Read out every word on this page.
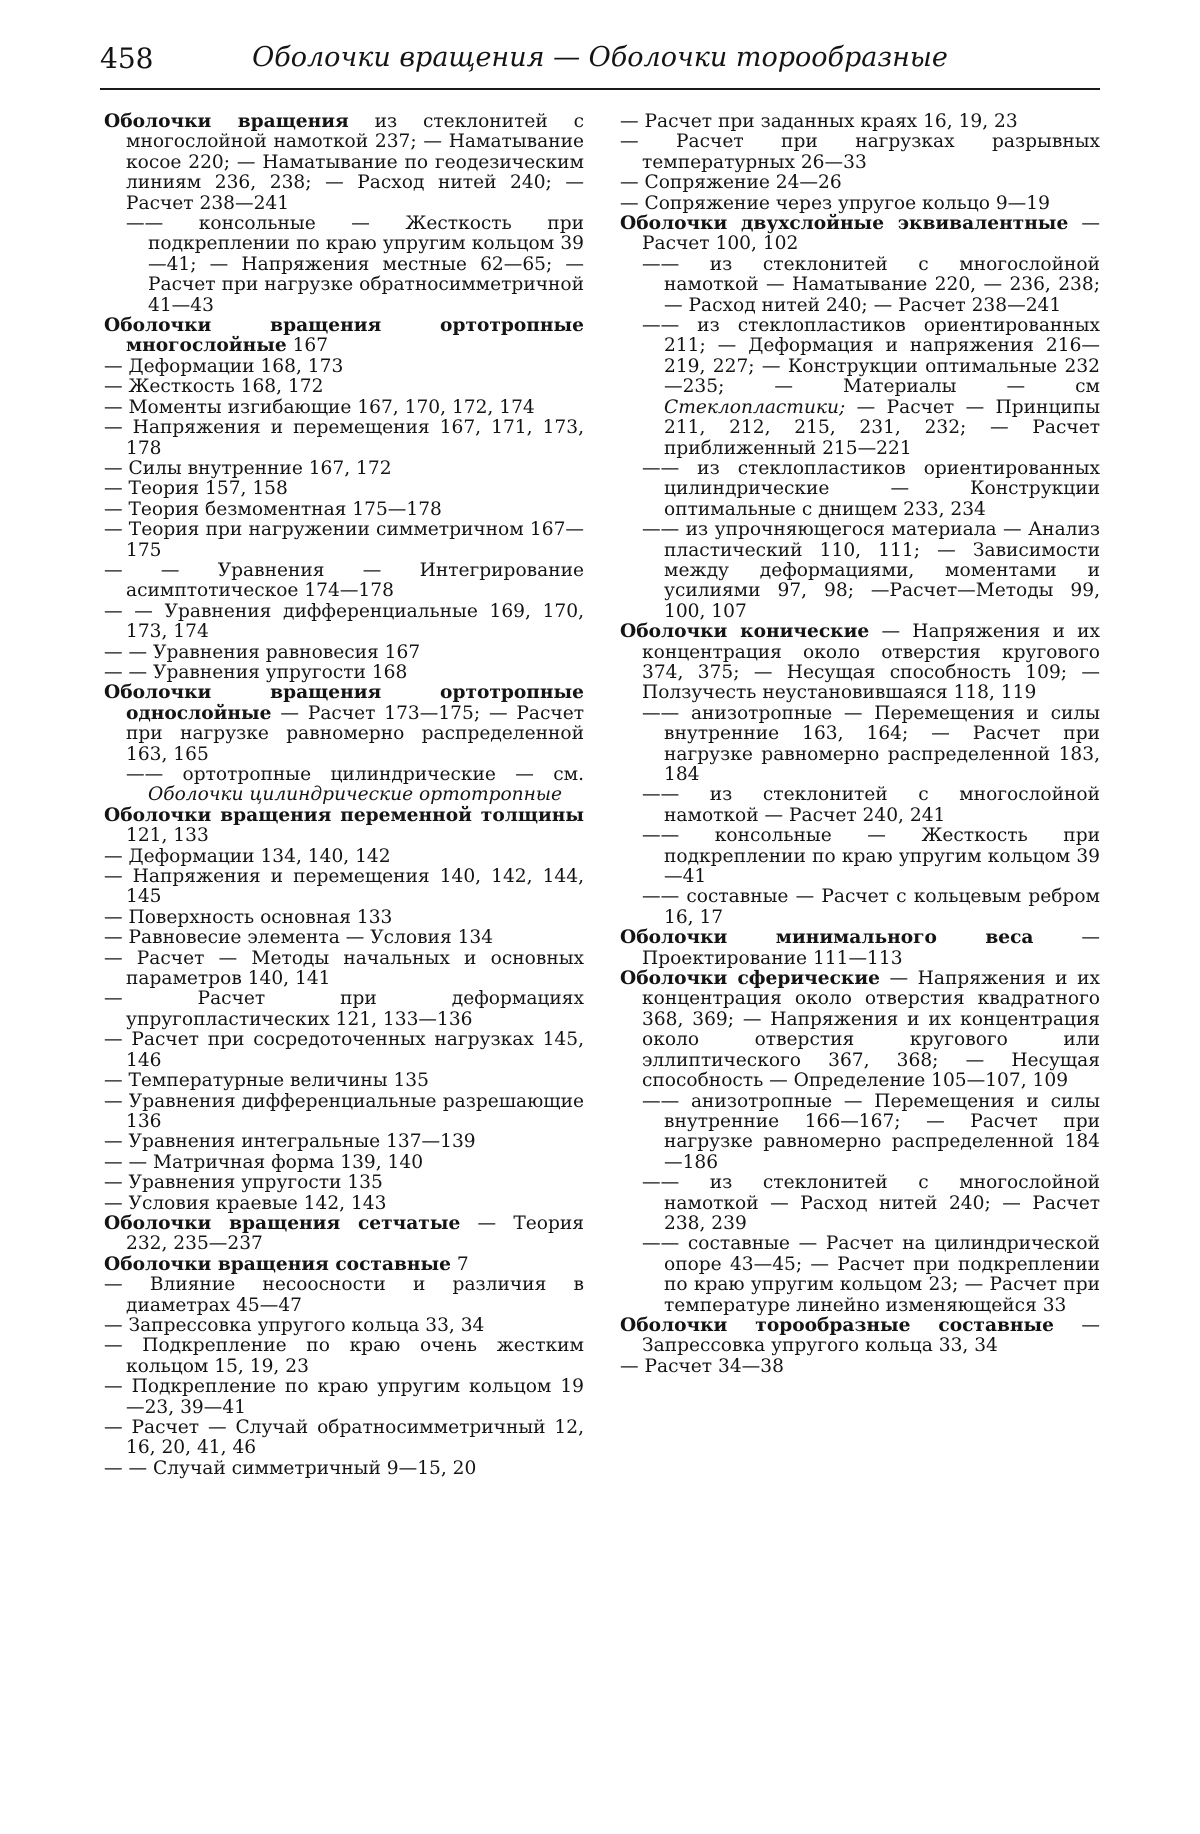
458	Оболочки вращения — Оболочки торообразные

Оболочки вращения из стеклонитей с многослойной намоткой 237; — Наматывание косое 220; — Наматывание по геодезическим линиям 236, 238; — Расход нитей 240; — Расчет 238—241

—— консольные — Жесткость при подкреплении по краю упругим кольцом 39—41; — Напряжения местные 62—65; — Расчет при нагрузке обратносимметричной 41—43

Оболочки вращения ортотропные многослойные 167

— Деформации 168, 173

— Жесткость 168, 172

— Моменты изгибающие 167, 170, 172, 174

— Напряжения и перемещения 167, 171, 173, 178

— Силы внутренние 167, 172

— Теория 157, 158

— Теория безмоментная 175—178

— Теория при нагружении симметричном 167—175

— — Уравнения — Интегрирование асимптотическое 174—178

— — Уравнения дифференциальные 169, 170, 173, 174

— — Уравнения равновесия 167

— — Уравнения упругости 168

Оболочки вращения ортотропные однослойные — Расчет 173—175; — Расчет при нагрузке равномерно распределенной 163, 165

—— ортотропные цилиндрические — см. Оболочки цилиндрические ортотропные

Оболочки вращения переменной толщины 121, 133

— Деформации 134, 140, 142

— Напряжения и перемещения 140, 142, 144, 145

— Поверхность основная 133

— Равновесие элемента — Условия 134

— Расчет — Методы начальных и основных параметров 140, 141

— Расчет при деформациях упругопластических 121, 133—136

— Расчет при сосредоточенных нагрузках 145, 146

— Температурные величины 135

— Уравнения дифференциальные разрешающие 136

— Уравнения интегральные 137—139

— — Матричная форма 139, 140

— Уравнения упругости 135

— Условия краевые 142, 143

Оболочки вращения сетчатые — Теория 232, 235—237

Оболочки вращения составные 7

— Влияние несоосности и различия в диаметрах 45—47

— Запрессовка упругого кольца 33, 34

— Подкрепление по краю очень жестким кольцом 15, 19, 23

— Подкрепление по краю упругим кольцом 19—23, 39—41

— Расчет — Случай обратносимметричный 12, 16, 20, 41, 46

— — Случай симметричный 9—15, 20

— Расчет при заданных краях 16, 19, 23

— Расчет при нагрузках разрывных температурных 26—33

— Сопряжение 24—26

— Сопряжение через упругое кольцо 9—19

Оболочки двухслойные эквивалентные — Расчет 100, 102

—— из стеклонитей с многослойной намоткой — Наматывание 220, — 236, 238; — Расход нитей 240; — Расчет 238—241

—— из стеклопластиков ориентированных 211; — Деформация и напряжения 216—219, 227; — Конструкции оптимальные 232—235; — Материалы — см Стеклопластики; — Расчет — Принципы 211, 212, 215, 231, 232; — Расчет приближенный 215—221

—— из стеклопластиков ориентированных цилиндрические — Конструкции оптимальные с днищем 233, 234

—— из упрочняющегося материала — Анализ пластический 110, 111; — Зависимости между деформациями, моментами и усилиями 97, 98; —Расчет—Методы 99, 100, 107

Оболочки конические — Напряжения и их концентрация около отверстия кругового 374, 375; — Несущая способность 109; — Ползучесть неустановившаяся 118, 119

—— анизотропные — Перемещения и силы внутренние 163, 164; — Расчет при нагрузке равномерно распределенной 183, 184

—— из стеклонитей с многослойной намоткой — Расчет 240, 241

—— консольные — Жесткость при подкреплении по краю упругим кольцом 39—41

—— составные — Расчет с кольцевым ребром 16, 17

Оболочки минимального веса — Проектирование 111—113

Оболочки сферические — Напряжения и их концентрация около отверстия квадратного 368, 369; — Напряжения и их концентрация около отверстия кругового или эллиптического 367, 368; — Несущая способность — Определение 105—107, 109

—— анизотропные — Перемещения и силы внутренние 166—167; — Расчет при нагрузке равномерно распределенной 184—186

—— из стеклонитей с многослойной намоткой — Расход нитей 240; — Расчет 238, 239

—— составные — Расчет на цилиндрической опоре 43—45; — Расчет при подкреплении по краю упругим кольцом 23; — Расчет при температуре линейно изменяющейся 33

Оболочки торообразные составные — Запрессовка упругого кольца 33, 34

— Расчет 34—38
